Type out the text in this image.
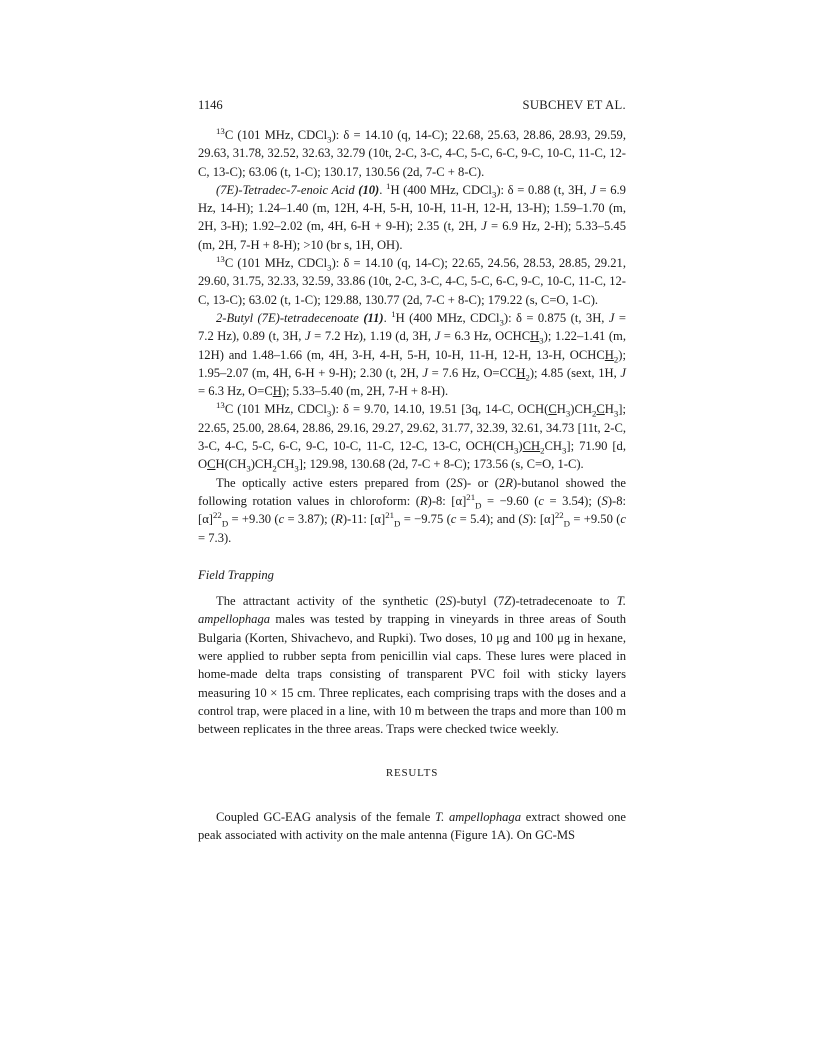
1146	SUBCHEV ET AL.

$^{13}$C (101 MHz, CDCl$_3$): δ = 14.10 (q, 14-C); 22.68, 25.63, 28.86, 28.93, 29.59, 29.63, 31.78, 32.52, 32.63, 32.79 (10t, 2-C, 3-C, 4-C, 5-C, 6-C, 9-C, 10-C, 11-C, 12-C, 13-C); 63.06 (t, 1-C); 130.17, 130.56 (2d, 7-C + 8-C).

(7E)-Tetradec-7-enoic Acid (10). $^1$H (400 MHz, CDCl$_3$): δ = 0.88 (t, 3H, J = 6.9 Hz, 14-H); 1.24–1.40 (m, 12H, 4-H, 5-H, 10-H, 11-H, 12-H, 13-H); 1.59–1.70 (m, 2H, 3-H); 1.92–2.02 (m, 4H, 6-H + 9-H); 2.35 (t, 2H, J = 6.9 Hz, 2-H); 5.33–5.45 (m, 2H, 7-H + 8-H); >10 (br s, 1H, OH).

$^{13}$C (101 MHz, CDCl$_3$): δ = 14.10 (q, 14-C); 22.65, 24.56, 28.53, 28.85, 29.21, 29.60, 31.75, 32.33, 32.59, 33.86 (10t, 2-C, 3-C, 4-C, 5-C, 6-C, 9-C, 10-C, 11-C, 12-C, 13-C); 63.02 (t, 1-C); 129.88, 130.77 (2d, 7-C + 8-C); 179.22 (s, C=O, 1-C).

2-Butyl (7E)-tetradecenoate (11). $^1$H (400 MHz, CDCl$_3$): δ = 0.875 (t, 3H, J = 7.2 Hz), 0.89 (t, 3H, J = 7.2 Hz), 1.19 (d, 3H, J = 6.3 Hz, $OCHCH_3$); 1.22–1.41 (m, 12H) and 1.48–1.66 (m, 4H, 3-H, 4-H, 5-H, 10-H, 11-H, 12-H, 13-H, $OCHCH_2$); 1.95–2.07 (m, 4H, 6-H + 9-H); 2.30 (t, 2H, J = 7.6 Hz, $O=CCH_2$); 4.85 (sext, 1H, J = 6.3 Hz, O=CH); 5.33–5.40 (m, 2H, 7-H + 8-H).

$^{13}$C (101 MHz, CDCl$_3$): δ = 9.70, 14.10, 19.51 [3q, 14-C, $OCH(CH_3)CH_2CH_3$]; 22.65, 25.00, 28.64, 28.86, 29.16, 29.27, 29.62, 31.77, 32.39, 32.61, 34.73 [11t, 2-C, 3-C, 4-C, 5-C, 6-C, 9-C, 10-C, 11-C, 12-C, 13-C, $OCH(CH_3)CH_2CH_3$]; 71.90 [d, $OCH(CH_3)CH_2CH_3$]; 129.98, 130.68 (2d, 7-C + 8-C); 173.56 (s, C=O, 1-C).

The optically active esters prepared from (2S)- or (2R)-butanol showed the following rotation values in chloroform: (R)-8: $[\alpha]^{21}_D = -9.60$ (c = 3.54); (S)-8: $[\alpha]^{22}_D = +9.30$ (c = 3.87); (R)-11: $[\alpha]^{21}_D = -9.75$ (c = 5.4); and (S): $[\alpha]^{22}_D = +9.50$ (c = 7.3).

Field Trapping

The attractant activity of the synthetic (2S)-butyl (7Z)-tetradecenoate to T. ampellophaga males was tested by trapping in vineyards in three areas of South Bulgaria (Korten, Shivachevo, and Rupki). Two doses, 10 μg and 100 μg in hexane, were applied to rubber septa from penicillin vial caps. These lures were placed in home-made delta traps consisting of transparent PVC foil with sticky layers measuring 10 × 15 cm. Three replicates, each comprising traps with the doses and a control trap, were placed in a line, with 10 m between the traps and more than 100 m between replicates in the three areas. Traps were checked twice weekly.

RESULTS

Coupled GC-EAG analysis of the female T. ampellophaga extract showed one peak associated with activity on the male antenna (Figure 1A). On GC-MS
